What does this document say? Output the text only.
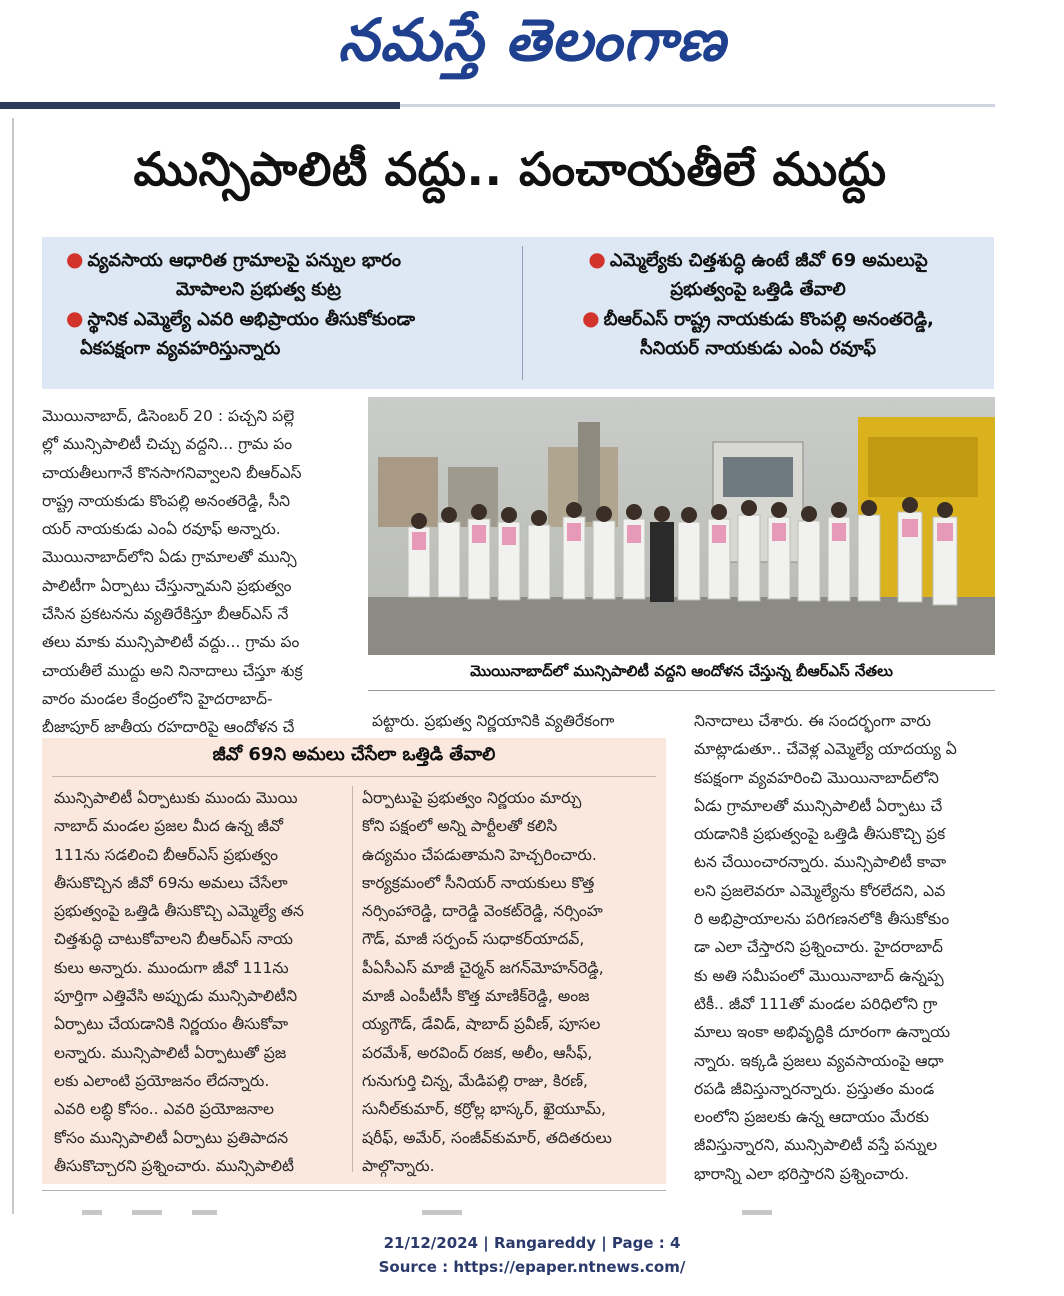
నమస్తే తెలంగాణ
మున్సిపాలిటీ వద్దు.. పంచాయతీలే ముద్దు
● వ్యవసాయ ఆధారిత గ్రామాలపై పన్నుల భారం
మోపాలని ప్రభుత్వ కుట్ర
● స్థానిక ఎమ్మెల్యే ఎవరి అభిప్రాయం తీసుకోకుండా
ఏకపక్షంగా వ్యవహరిస్తున్నారు
● ఎమ్మెల్యేకు చిత్తశుద్ధి ఉంటే జీవో 69 అమలుపై
ప్రభుత్వంపై ఒత్తిడి తేవాలి
● బీఆర్ఎస్ రాష్ట్ర నాయకుడు కొంపల్లి అనంతరెడ్డి,
సీనియర్ నాయకుడు ఎంఏ రవూఫ్
మొయినాబాద్, డిసెంబర్ 20 : పచ్చని పల్లె
ల్లో మున్సిపాలిటీ చిచ్చు వద్దని... గ్రామ పం
చాయతీలుగానే కొనసాగనివ్వాలని బీఆర్ఎస్
రాష్ట్ర నాయకుడు కొంపల్లి అనంతరెడ్డి, సీని
యర్ నాయకుడు ఎంఏ రవూఫ్ అన్నారు.
మొయినాబాద్‌లోని ఏడు గ్రామాలతో మున్సి
పాలిటీగా ఏర్పాటు చేస్తున్నామని ప్రభుత్వం
చేసిన ప్రకటనను వ్యతిరేకిస్తూ బీఆర్ఎస్ నే
తలు మాకు మున్సిపాలిటీ వద్దు... గ్రామ పం
చాయతీలే ముద్దు అని నినాదాలు చేస్తూ శుక్ర
వారం మండల కేంద్రంలోని హైదరాబాద్-
బీజాపూర్ జాతీయ రహదారిపై ఆందోళన చే
మొయినాబాద్‌లో మున్సిపాలిటీ వద్దని ఆందోళన చేస్తున్న బీఆర్ఎస్ నేతలు
పట్టారు. ప్రభుత్వ నిర్ణయానికి వ్యతిరేకంగా	నినాదాలు చేశారు. ఈ సందర్భంగా వారు
మాట్లాడుతూ.. చేవెళ్ల ఎమ్మెల్యే యాదయ్య ఏ
కపక్షంగా వ్యవహరించి మొయినాబాద్‌లోని
ఏడు గ్రామాలతో మున్సిపాలిటీ ఏర్పాటు చే
యడానికి ప్రభుత్వంపై ఒత్తిడి తీసుకొచ్చి ప్రక
టన చేయించారన్నారు. మున్సిపాలిటీ కావా
లని ప్రజలెవరూ ఎమ్మెల్యేను కోరలేదని, ఎవ
రి అభిప్రాయాలను పరిగణనలోకి తీసుకోకుం
డా ఎలా చేస్తారని ప్రశ్నించారు. హైదరాబాద్
కు అతి సమీపంలో మొయినాబాద్ ఉన్నప్ప
టికీ.. జీవో 111తో మండల పరిధిలోని గ్రా
మాలు ఇంకా అభివృద్ధికి దూరంగా ఉన్నాయ
న్నారు. ఇక్కడి ప్రజలు వ్యవసాయంపై ఆధా
రపడి జీవిస్తున్నారన్నారు. ప్రస్తుతం మండ
లంలోని ప్రజలకు ఉన్న ఆదాయం మేరకు
జీవిస్తున్నారని, మున్సిపాలిటీ వస్తే పన్నుల
భారాన్ని ఎలా భరిస్తారని ప్రశ్నించారు.
జీవో 69ని అమలు చేసేలా ఒత్తిడి తేవాలి
మున్సిపాలిటీ ఏర్పాటుకు ముందు మొయి
నాబాద్ మండల ప్రజల మీద ఉన్న జీవో
111ను సడలించి బీఆర్ఎస్ ప్రభుత్వం
తీసుకొచ్చిన జీవో 69ను అమలు చేసేలా
ప్రభుత్వంపై ఒత్తిడి తీసుకొచ్చి ఎమ్మెల్యే తన
చిత్తశుద్ధి చాటుకోవాలని బీఆర్ఎస్ నాయ
కులు అన్నారు. ముందుగా జీవో 111ను
పూర్తిగా ఎత్తివేసి అప్పుడు మున్సిపాలిటీని
ఏర్పాటు చేయడానికి నిర్ణయం తీసుకోవా
లన్నారు. మున్సిపాలిటీ ఏర్పాటుతో ప్రజ
లకు ఎలాంటి ప్రయోజనం లేదన్నారు.
ఎవరి లబ్ధి కోసం.. ఎవరి ప్రయోజనాల
కోసం మున్సిపాలిటీ ఏర్పాటు ప్రతిపాదన
తీసుకొచ్చారని ప్రశ్నించారు. మున్సిపాలిటీ
ఏర్పాటుపై ప్రభుత్వం నిర్ణయం మార్చు
కోని పక్షంలో అన్ని పార్టీలతో కలిసి
ఉద్యమం చేపడుతామని హెచ్చరించారు.
కార్యక్రమంలో సీనియర్ నాయకులు కొత్త
నర్సింహారెడ్డి, దారెడ్డి వెంకట్‌రెడ్డి, నర్సింహ
గౌడ్, మాజీ సర్పంచ్ సుధాకర్‌యాదవ్,
పీఏసీఎస్ మాజీ చైర్మన్ జగన్‌మోహన్‌రెడ్డి,
మాజీ ఎంపీటీసీ కొత్త మాణిక్‌రెడ్డి, అంజ
య్యగౌడ్, డేవిడ్, షాబాద్ ప్రవీణ్, పూసల
పరమేశ్, అరవింద్ రజక, అలీం, ఆసీఫ్,
గునుగుర్తి చిన్న, మేడిపల్లి రాజు, కిరణ్,
సునీల్‌కుమార్, కర్రోల్ల భాస్కర్, ఖైయూమ్,
షరీఫ్, అమేర్, సంజీవ్‌కుమార్, తదితరులు
పాల్గొన్నారు.
21/12/2024 | Rangareddy | Page : 4
Source : https://epaper.ntnews.com/
